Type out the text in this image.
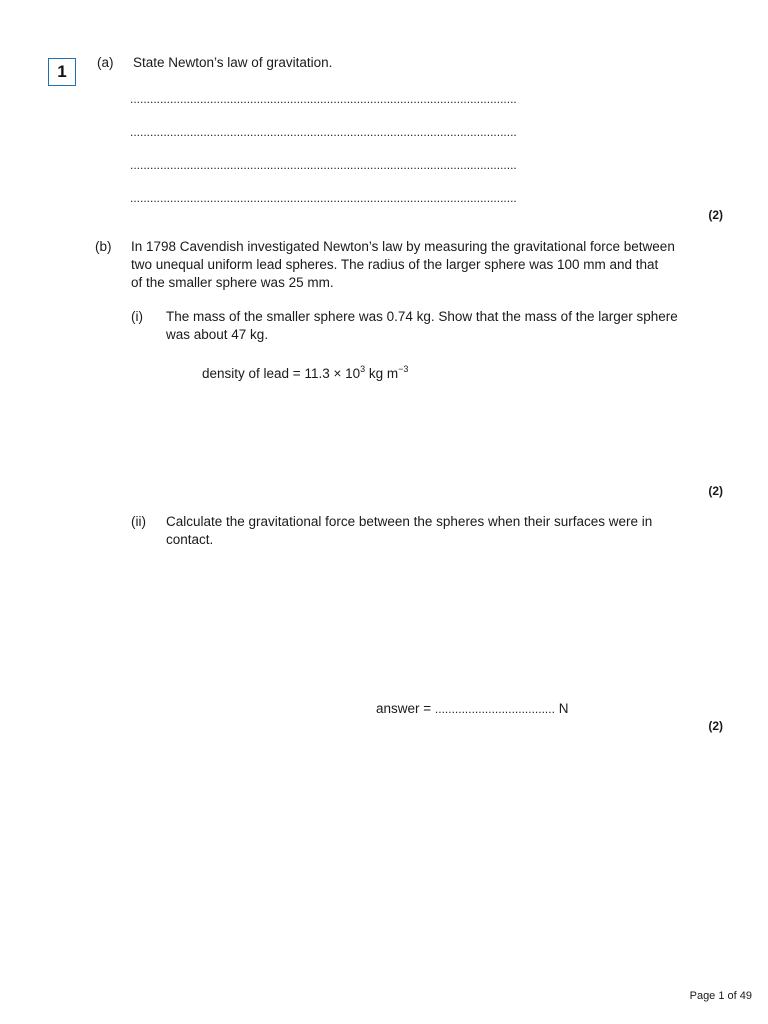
1 (a) State Newton’s law of gravitation.
....................................................................................................................
....................................................................................................................
....................................................................................................................
....................................................................................................................
(2)
(b) In 1798 Cavendish investigated Newton’s law by measuring the gravitational force between
two unequal uniform lead spheres. The radius of the larger sphere was 100 mm and that
of the smaller sphere was 25 mm.
(i) The mass of the smaller sphere was 0.74 kg. Show that the mass of the larger sphere
was about 47 kg.
density of lead = $11.3 \times 10^3$ kg $m^{-3}$
(2)
(ii) Calculate the gravitational force between the spheres when their surfaces were in
contact.
answer = .................................... N
(2)
Page 1 of 49
